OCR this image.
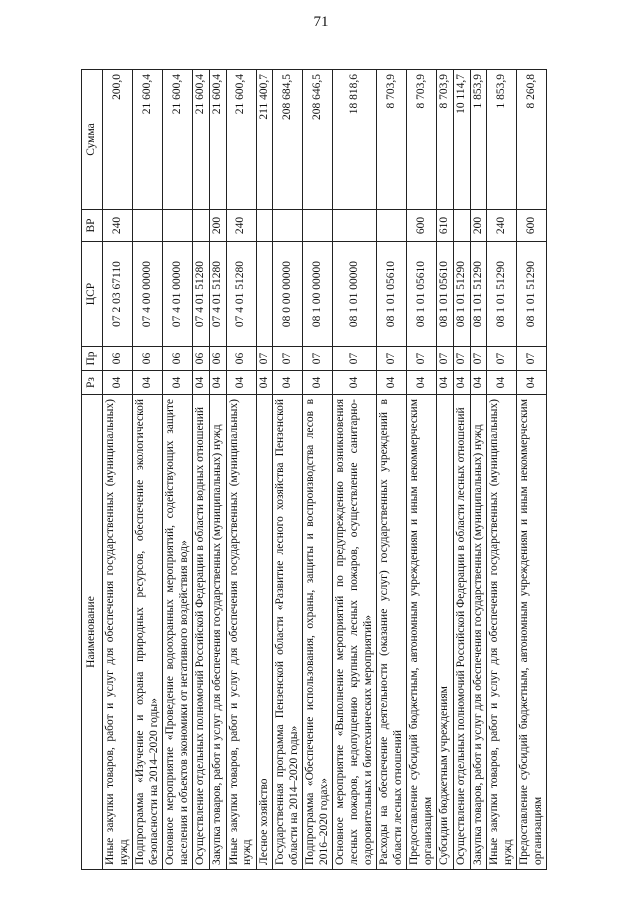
71
Наименование	Рз	Пр	ЦСР	ВР	Сумма
Иные закупки товаров, работ и услуг для обеспечения государственных (муниципальных) нужд	04	06	07 2 03 67110	240	200,0
Подпрограмма «Изучение и охрана природных ресурсов, обеспечение экологической безопасности на 2014–2020 годы»	04	06	07 4 00 00000		21 600,4
Основное мероприятие «Проведение водоохранных мероприятий, содействующих защите населения и объектов экономики от негативного воздействия вод»	04	06	07 4 01 00000		21 600,4
Осуществление отдельных полномочий Российской Федерации в области водных отношений	04	06	07 4 01 51280		21 600,4
Закупка товаров, работ и услуг для обеспечения государственных (муниципальных) нужд	04	06	07 4 01 51280	200	21 600,4
Иные закупки товаров, работ и услуг для обеспечения государственных (муниципальных) нужд	04	06	07 4 01 51280	240	21 600,4
Лесное хозяйство	04	07			211 400,7
Государственная программа Пензенской области «Развитие лесного хозяйства Пензенской области на 2014–2020 годы»	04	07	08 0 00 00000		208 684,5
Подпрограмма «Обеспечение использования, охраны, защиты и воспроизводства лесов в 2016–2020 годах»	04	07	08 1 00 00000		208 646,5
Основное мероприятие «Выполнение мероприятий по предупреждению возникновения лесных пожаров, недопущению крупных лесных пожаров, осуществление санитарно-оздоровительных и биотехнических мероприятий»	04	07	08 1 01 00000		18 818,6
Расходы на обеспечение деятельности (оказание услуг) государственных учреждений в области лесных отношений	04	07	08 1 01 05610		8 703,9
Предоставление субсидий бюджетным, автономным учреждениям и иным некоммерческим организациям	04	07	08 1 01 05610	600	8 703,9
Субсидии бюджетным учреждениям	04	07	08 1 01 05610	610	8 703,9
Осуществление отдельных полномочий Российской Федерации в области лесных отношений	04	07	08 1 01 51290		10 114,7
Закупка товаров, работ и услуг для обеспечения государственных (муниципальных) нужд	04	07	08 1 01 51290	200	1 853,9
Иные закупки товаров, работ и услуг для обеспечения государственных (муниципальных) нужд	04	07	08 1 01 51290	240	1 853,9
Предоставление субсидий бюджетным, автономным учреждениям и иным некоммерческим организациям	04	07	08 1 01 51290	600	8 260,8
